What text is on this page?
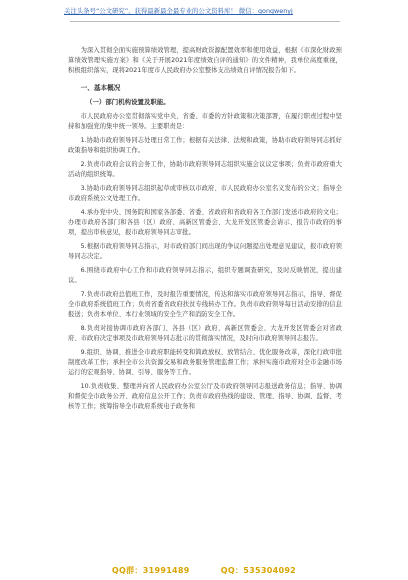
关注头条号“公文研究”，获得最新最全最专业的公文资料库！ 微信：gongwenyj

为深入贯彻全面实施预算绩效管理，提高财政资源配置效率和使用效益，根据《市深化财政预算绩效管理实施方案》和《关于开展2021年度绩效自评的通知》的文件精神，我单位高度重视，积极组织落实，现将2021年度市人民政府办公室整体支出绩效自评情况报告如下。

一、基本概况
（一）部门机构设置及职能。

市人民政府办公室贯彻落实党中央、省委、市委的方针政策和决策部署，在履行职责过程中坚持和加强党的集中统一领导。主要职责是：

1.协助市政府领导同志处理日常工作；根据有关法律、法规和政策，协助市政府领导同志抓好政策指导和组织协调工作。

2.负责市政府会议的会务工作，协助市政府领导同志组织实施会议议定事项；负责市政府重大活动的组织统筹。

3.协助市政府领导同志组织起草或审核以市政府、市人民政府办公室名义发布的公文；指导全市政府系统公文处理工作。

4.承办党中央、国务院和国家各部委、省委、省政府和省政府各工作部门发送市政府的文电；办理市政府各部门和各县（区）政府、高新区管委会、大龙开发区管委会请示、报告市政府的事项，提出审核意见，报市政府领导同志审批。

5.根据市政府领导同志指示，对市政府部门间出现的争议问题提出处理意见建议，报市政府领导同志决定。

6.围绕市政府中心工作和市政府领导同志指示，组织专题调查研究，及时反映情况，提出建议。

7.负责市政府总值班工作，及时报告重要情况，传达和落实市政府领导同志指示，指导、督促全市政府系统值班工作；负责省委省政府扶贫专线转办工作。负责市政府领导每日活动安排的信息报送；负责本单位、本行业领域的安全生产和消防安全工作。

8.负责对接协调市政府各部门、各县（区）政府、高新区管委会、大龙开发区管委会对省政府、市政府决定事项及市政府领导同志批示的贯彻落实情况，及时向市政府领导同志报告。

9.组织、协调、推进全市政府职能转变和简政放权、放管结合、优化服务改革，深化行政审批制度改革工作；承担全市公共资源交易和政务服务管理监督工作；承担实施市政府对全市金融市场运行的宏观指导、协调、引导、服务等工作。

10.负责收集、整理并向省人民政府办公室公厅及市政府领导同志报送政务信息；指导、协调和督促全市政务公开、政府信息公开工作；负责市政府热线的建设、管理、指导、协调、监督、考核等工作；统筹指导全市政府系统电子政务和

QQ群：31991489	QQ：535304092
